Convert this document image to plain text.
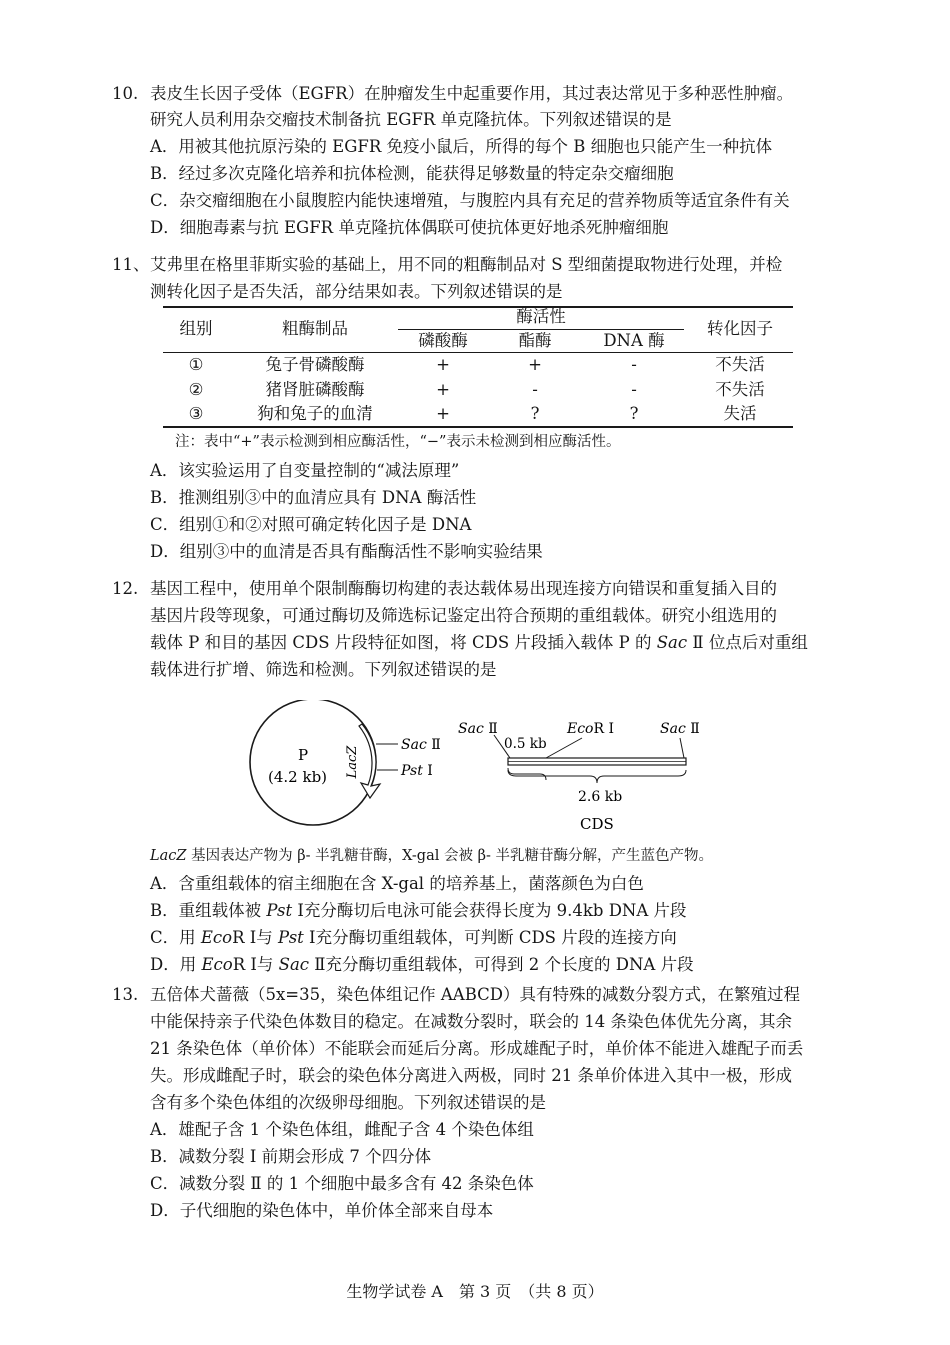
10. 表皮生长因子受体（EGFR）在肿瘤发生中起重要作用，其过表达常见于多种恶性肿瘤。
研究人员利用杂交瘤技术制备抗 EGFR 单克隆抗体。下列叙述错误的是
A．用被其他抗原污染的 EGFR 免疫小鼠后，所得的每个 B 细胞也只能产生一种抗体
B．经过多次克隆化培养和抗体检测，能获得足够数量的特定杂交瘤细胞
C．杂交瘤细胞在小鼠腹腔内能快速增殖，与腹腔内具有充足的营养物质等适宜条件有关
D．细胞毒素与抗 EGFR 单克隆抗体偶联可使抗体更好地杀死肿瘤细胞
11、 艾弗里在格里菲斯实验的基础上，用不同的粗酶制品对 S 型细菌提取物进行处理，并检
测转化因子是否失活，部分结果如表。下列叙述错误的是
组别	粗酶制品
酶活性
磷酸酶	酯酶	DNA 酶
转化因子
①	兔子骨磷酸酶	+	+	-	不失活
②	猪肾脏磷酸酶	+	-	-	不失活
③	狗和兔子的血清	+	?	?	失活
注：表中“+”表示检测到相应酶活性，“−”表示未检测到相应酶活性。
A．该实验运用了自变量控制的“减法原理”
B．推测组别③中的血清应具有 DNA 酶活性
C．组别①和②对照可确定转化因子是 DNA
D．组别③中的血清是否具有酯酶活性不影响实验结果
12. 基因工程中，使用单个限制酶酶切构建的表达载体易出现连接方向错误和重复插入目的
基因片段等现象，可通过酶切及筛选标记鉴定出符合预期的重组载体。研究小组选用的
载体 P 和目的基因 CDS 片段特征如图，将 CDS 片段插入载体 P 的 Sac Ⅱ 位点后对重组
载体进行扩增、筛选和检测。下列叙述错误的是
LacZ
P
(4.2 kb)
Sac Ⅱ
Pst Ⅰ
Sac Ⅱ	EcoR Ⅰ	Sac Ⅱ
0.5 kb
2.6 kb
CDS
LacZ 基因表达产物为 β- 半乳糖苷酶，X-gal 会被 β- 半乳糖苷酶分解，产生蓝色产物。
A．含重组载体的宿主细胞在含 X-gal 的培养基上，菌落颜色为白色
B．重组载体被 Pst Ⅰ充分酶切后电泳可能会获得长度为 9.4kb DNA 片段
C．用 EcoR Ⅰ与 Pst Ⅰ充分酶切重组载体，可判断 CDS 片段的连接方向
D．用 EcoR Ⅰ与 Sac Ⅱ充分酶切重组载体，可得到 2 个长度的 DNA 片段
13. 五倍体犬蔷薇（5x=35，染色体组记作 AABCD）具有特殊的减数分裂方式，在繁殖过程
中能保持亲子代染色体数目的稳定。在减数分裂时，联会的 14 条染色体优先分离，其余
21 条染色体（单价体）不能联会而延后分离。形成雄配子时，单价体不能进入雄配子而丢
失。形成雌配子时，联会的染色体分离进入两极，同时 21 条单价体进入其中一极，形成
含有多个染色体组的次级卵母细胞。下列叙述错误的是
A．雄配子含 1 个染色体组，雌配子含 4 个染色体组
B．减数分裂 Ⅰ 前期会形成 7 个四分体
C．减数分裂 Ⅱ 的 1 个细胞中最多含有 42 条染色体
D．子代细胞的染色体中，单价体全部来自母本
生物学试卷 A　第 3 页　（共 8 页）
